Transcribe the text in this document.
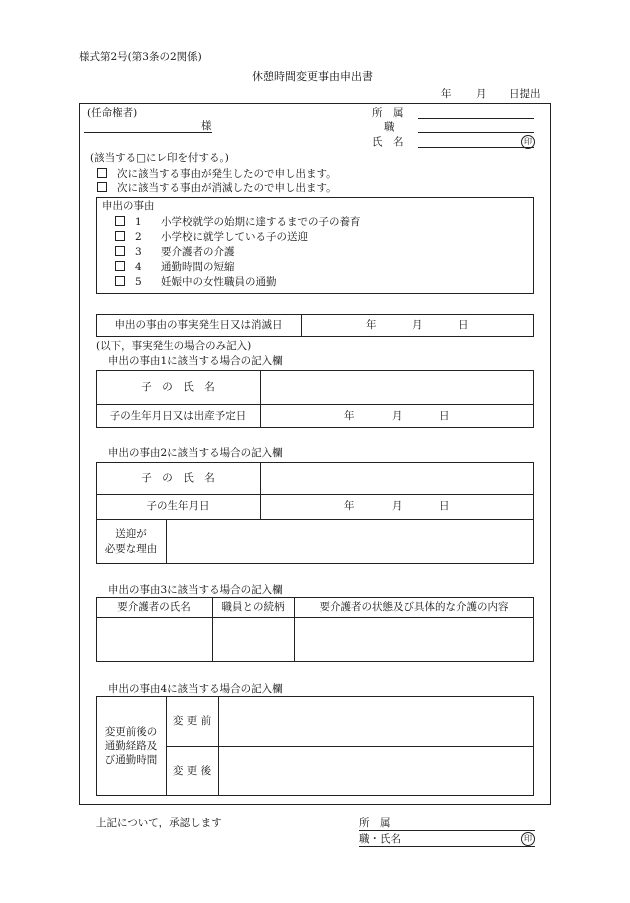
様式第2号(第3条の2関係)
休憩時間変更事由申出書
年 月 日提出
(任命権者)
様
所　属
職
氏　名	印
(該当する□にレ印を付する。)
次に該当する事由が発生したので申し出ます。
次に該当する事由が消滅したので申し出ます。
申出の事由
1 小学校就学の始期に達するまでの子の養育
2 小学校に就学している子の送迎
3 要介護者の介護
4 通勤時間の短縮
5 妊娠中の女性職員の通勤
申出の事由の事実発生日又は消滅日	年	月	日
(以下，事実発生の場合のみ記入)
申出の事由1に該当する場合の記入欄
子　の　氏　名
子の生年月日又は出産予定日	年	月	日
申出の事由2に該当する場合の記入欄
子　の　氏　名
子の生年月日	年	月	日
送迎が
必要な理由
申出の事由3に該当する場合の記入欄
要介護者の氏名	職員との続柄	要介護者の状態及び具体的な介護の内容
申出の事由4に該当する場合の記入欄
変更前後の
通勤経路及
び通勤時間
変 更 前
変 更 後
上記について，承認します	所　属
職・氏名	印
